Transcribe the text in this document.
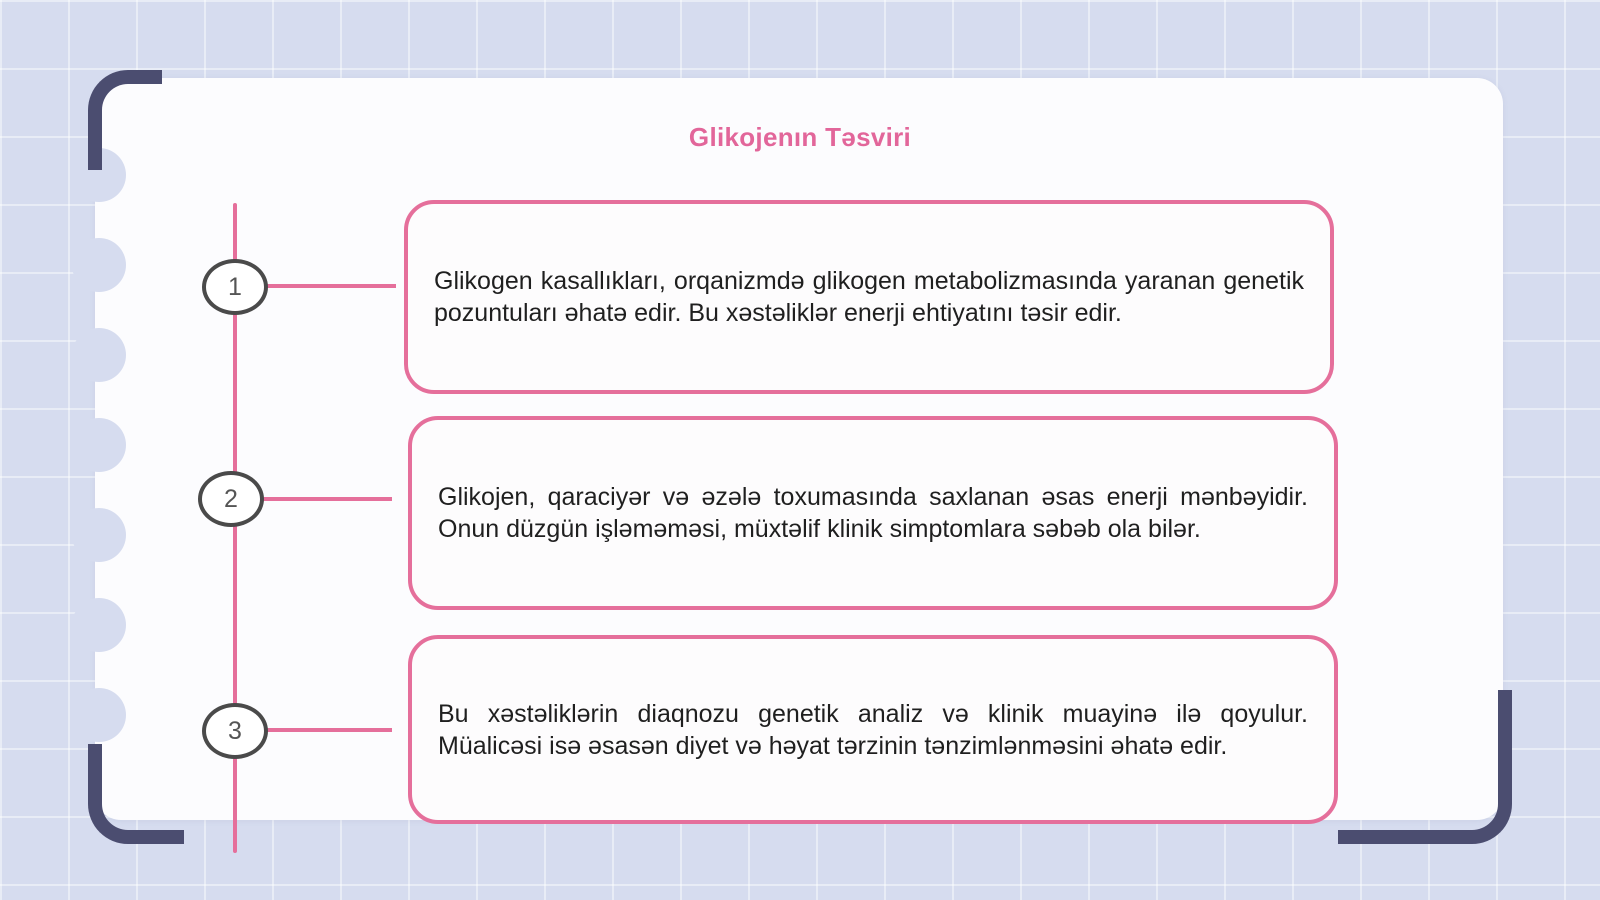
Glikojenın Təsviri
1	Glikogen kasallıkları, orqanizmdə glikogen metabolizmasında yaranan genetik pozuntuları əhatə edir. Bu xəstəliklər enerji ehtiyatını təsir edir.
2	Glikojen, qaraciyər və əzələ toxumasında saxlanan əsas enerji mənbəyidir. Onun düzgün işləməməsi, müxtəlif klinik simptomlara səbəb ola bilər.
3
Bu xəstəliklərin diaqnozu genetik analiz və klinik muayinə ilə qoyulur. Müalicəsi isə əsasən diyet və həyat tərzinin tənzimlənməsini əhatə edir.
